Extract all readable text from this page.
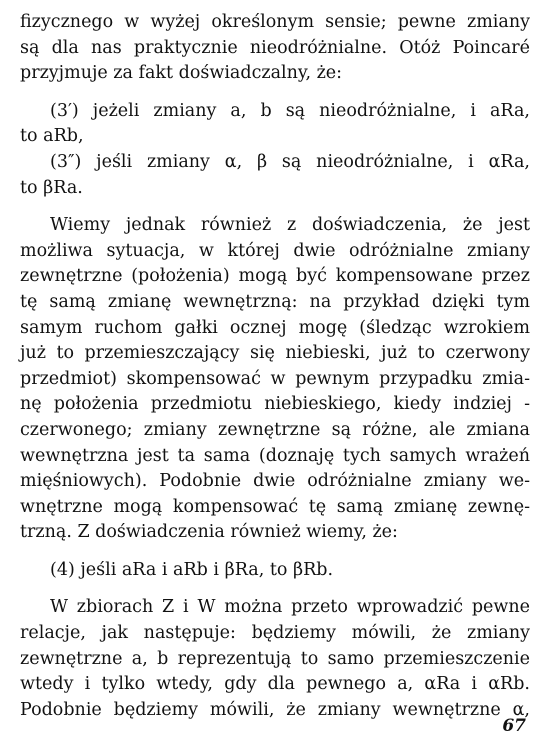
fizycznego w wyżej określonym sensie; pewne zmiany
są dla nas praktycznie nieodróżnialne. Otóż Poincaré
przyjmuje za fakt doświadczalny, że:
(3′) jeżeli zmiany a, b są nieodróżnialne, i aRa,
to aRb,
(3″) jeśli zmiany α, β są nieodróżnialne, i αRa,
to βRa.
Wiemy jednak również z doświadczenia, że jest
możliwa sytuacja, w której dwie odróżnialne zmiany
zewnętrzne (położenia) mogą być kompensowane przez
tę samą zmianę wewnętrzną: na przykład dzięki tym
samym ruchom gałki ocznej mogę (śledząc wzrokiem
już to przemieszczający się niebieski, już to czerwony
przedmiot) skompensować w pewnym przypadku zmia-
nę położenia przedmiotu niebieskiego, kiedy indziej -
czerwonego; zmiany zewnętrzne są różne, ale zmiana
wewnętrzna jest ta sama (doznaję tych samych wrażeń
mięśniowych). Podobnie dwie odróżnialne zmiany we-
wnętrzne mogą kompensować tę samą zmianę zewnę-
trzną. Z doświadczenia również wiemy, że:
(4) jeśli aRa i aRb i βRa, to βRb.
W zbiorach Z i W można przeto wprowadzić pewne
relacje, jak następuje: będziemy mówili, że zmiany
zewnętrzne a, b reprezentują to samo przemieszczenie
wtedy i tylko wtedy, gdy dla pewnego a, αRa i αRb.
Podobnie będziemy mówili, że zmiany wewnętrzne α,
67
